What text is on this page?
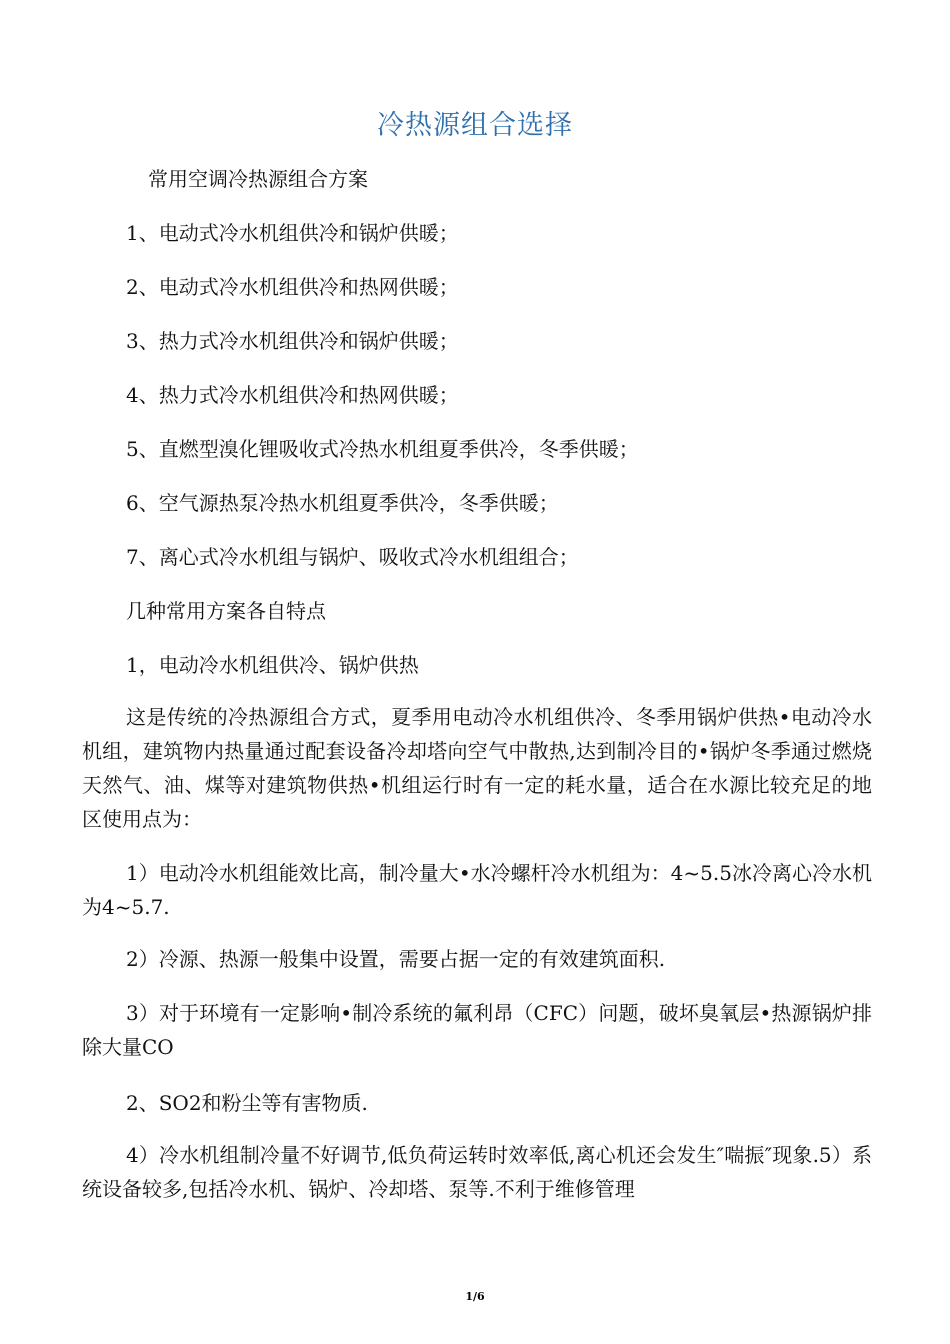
冷热源组合选择
常用空调冷热源组合方案
1、电动式冷水机组供冷和锅炉供暖；
2、电动式冷水机组供冷和热网供暖；
3、热力式冷水机组供冷和锅炉供暖；
4、热力式冷水机组供冷和热网供暖；
5、直燃型溴化锂吸收式冷热水机组夏季供冷，冬季供暖；
6、空气源热泵冷热水机组夏季供冷，冬季供暖；
7、离心式冷水机组与锅炉、吸收式冷水机组组合；
几种常用方案各自特点
1，电动冷水机组供冷、锅炉供热
这是传统的冷热源组合方式，夏季用电动冷水机组供冷、冬季用锅炉供热•电动冷水机组，建筑物内热量通过配套设备冷却塔向空气中散热,达到制冷目的•锅炉冬季通过燃烧天然气、油、煤等对建筑物供热•机组运行时有一定的耗水量，适合在水源比较充足的地区使用点为：
1）电动冷水机组能效比高，制冷量大•水冷螺杆冷水机组为：4~5.5冰冷离心冷水机为4~5.7.
2）冷源、热源一般集中设置，需要占据一定的有效建筑面积.
3）对于环境有一定影响•制冷系统的氟利昂（CFC）问题，破坏臭氧层•热源锅炉排除大量CO
2、SO2和粉尘等有害物质.
4）冷水机组制冷量不好调节,低负荷运转时效率低,离心机还会发生″喘振″现象.5）系统设备较多,包括冷水机、锅炉、冷却塔、泵等.不利于维修管理
1/6
